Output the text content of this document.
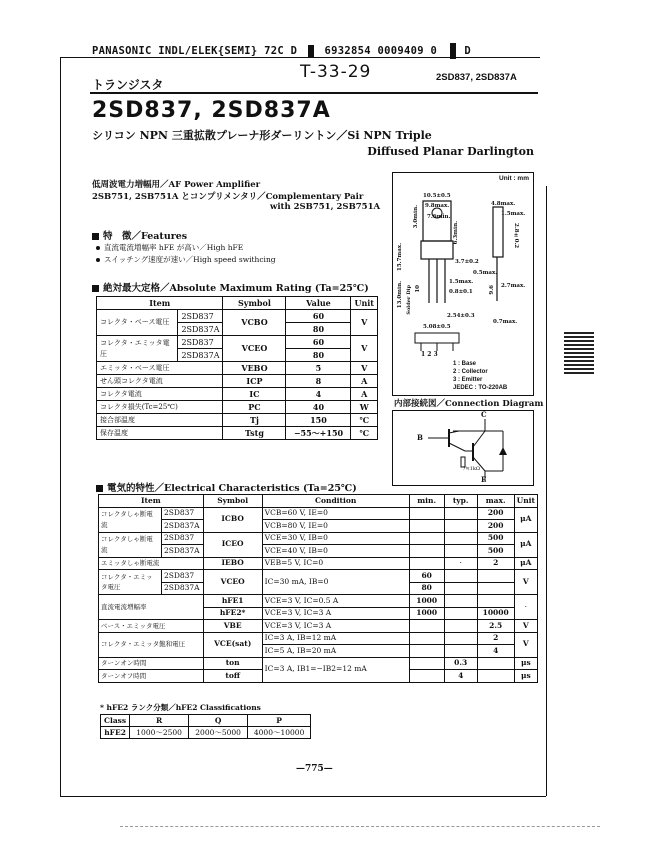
PANASONIC INDL/ELEK{SEMI} 72C D	6932854 0009409 0	D
T-33-29
トランジスタ
2SD837, 2SD837A
2SD837, 2SD837A
シリコン NPN 三重拡散プレーナ形ダーリントン／Si NPN Triple
Diffused Planar Darlington
低周波電力増幅用／AF Power Amplifier
2SB751, 2SB751A とコンプリメンタリ／Complementary Pair
with 2SB751, 2SB751A
特　徴／Features
直流電流増幅率 hFE が高い／High hFE
スイッチング速度が速い／High speed swithcing
絶対最大定格／Absolute Maximum Rating (Ta=25℃)
Item		Symbol	Value	Unit
コレクタ・ベース電圧	2SD837	VCBO	60	V
	2SD837A		80	
コレクタ・エミッタ電圧	2SD837	VCEO	60	V
	2SD837A		80	
エミッタ・ベース電圧		VEBO	5	V
せん頭コレクタ電流		ICP	8	A
コレクタ電流		IC	4	A
コレクタ損失(Tc=25℃)		PC	40	W
接合部温度		Tj	150	℃
保存温度		Tstg	−55～+150	℃
Unit : mm
10.5±0.5
9.8max.
7.6min.
4.8max.
1.5max.
2.8±0.2
3.7±0.2
0.5max.
1.5max.
0.8±0.1
2.7max.
2.54±0.3
5.08±0.5
0.7max.
15.7max.
13.0min.
6.3min.
3.0min.
10	9.6
Solder Dip
1 2 3
1 : Base
2 : Collector
3 : Emitter
JEDEC : TO-220AB
内部接続図／Connection Diagram
C
B
E
ｱ≒1kΩ
電気的特性／Electrical Characteristics (Ta=25℃)
Item		Symbol	Condition	min.	typ.	max.	Unit
コレクタしゃ断電流	2SD837	ICBO	VCB=60 V, IE=0			200	μA
	2SD837A		VCB=80 V, IE=0			200	
コレクタしゃ断電流	2SD837	ICEO	VCE=30 V, IB=0			500	μA
	2SD837A		VCE=40 V, IB=0			500	
エミッタしゃ断電流		IEBO	VEB=5 V, IC=0		·	2	μA
コレクタ・エミッタ電圧	2SD837	VCEO	IC=30 mA, IB=0	60			V
	2SD837A			80			
直流電流増幅率		hFE1	VCE=3 V, IC=0.5 A	1000			·
		hFE2*	VCE=3 V, IC=3 A	1000		10000	
ベース・エミッタ電圧		VBE	VCE=3 V, IC=3 A			2.5	V
コレクタ・エミッタ飽和電圧		VCE(sat)	IC=3 A, IB=12 mA			2	V
			IC=5 A, IB=20 mA			4	
ターンオン時間		ton	IC=3 A, IB1=−IB2=12 mA		0.3		μs
ターンオフ時間		toff			4		μs
* hFE2 ランク分類／hFE2 Classifications
Class	R	Q	P
hFE2	1000～2500	2000～5000	4000～10000
—775—
